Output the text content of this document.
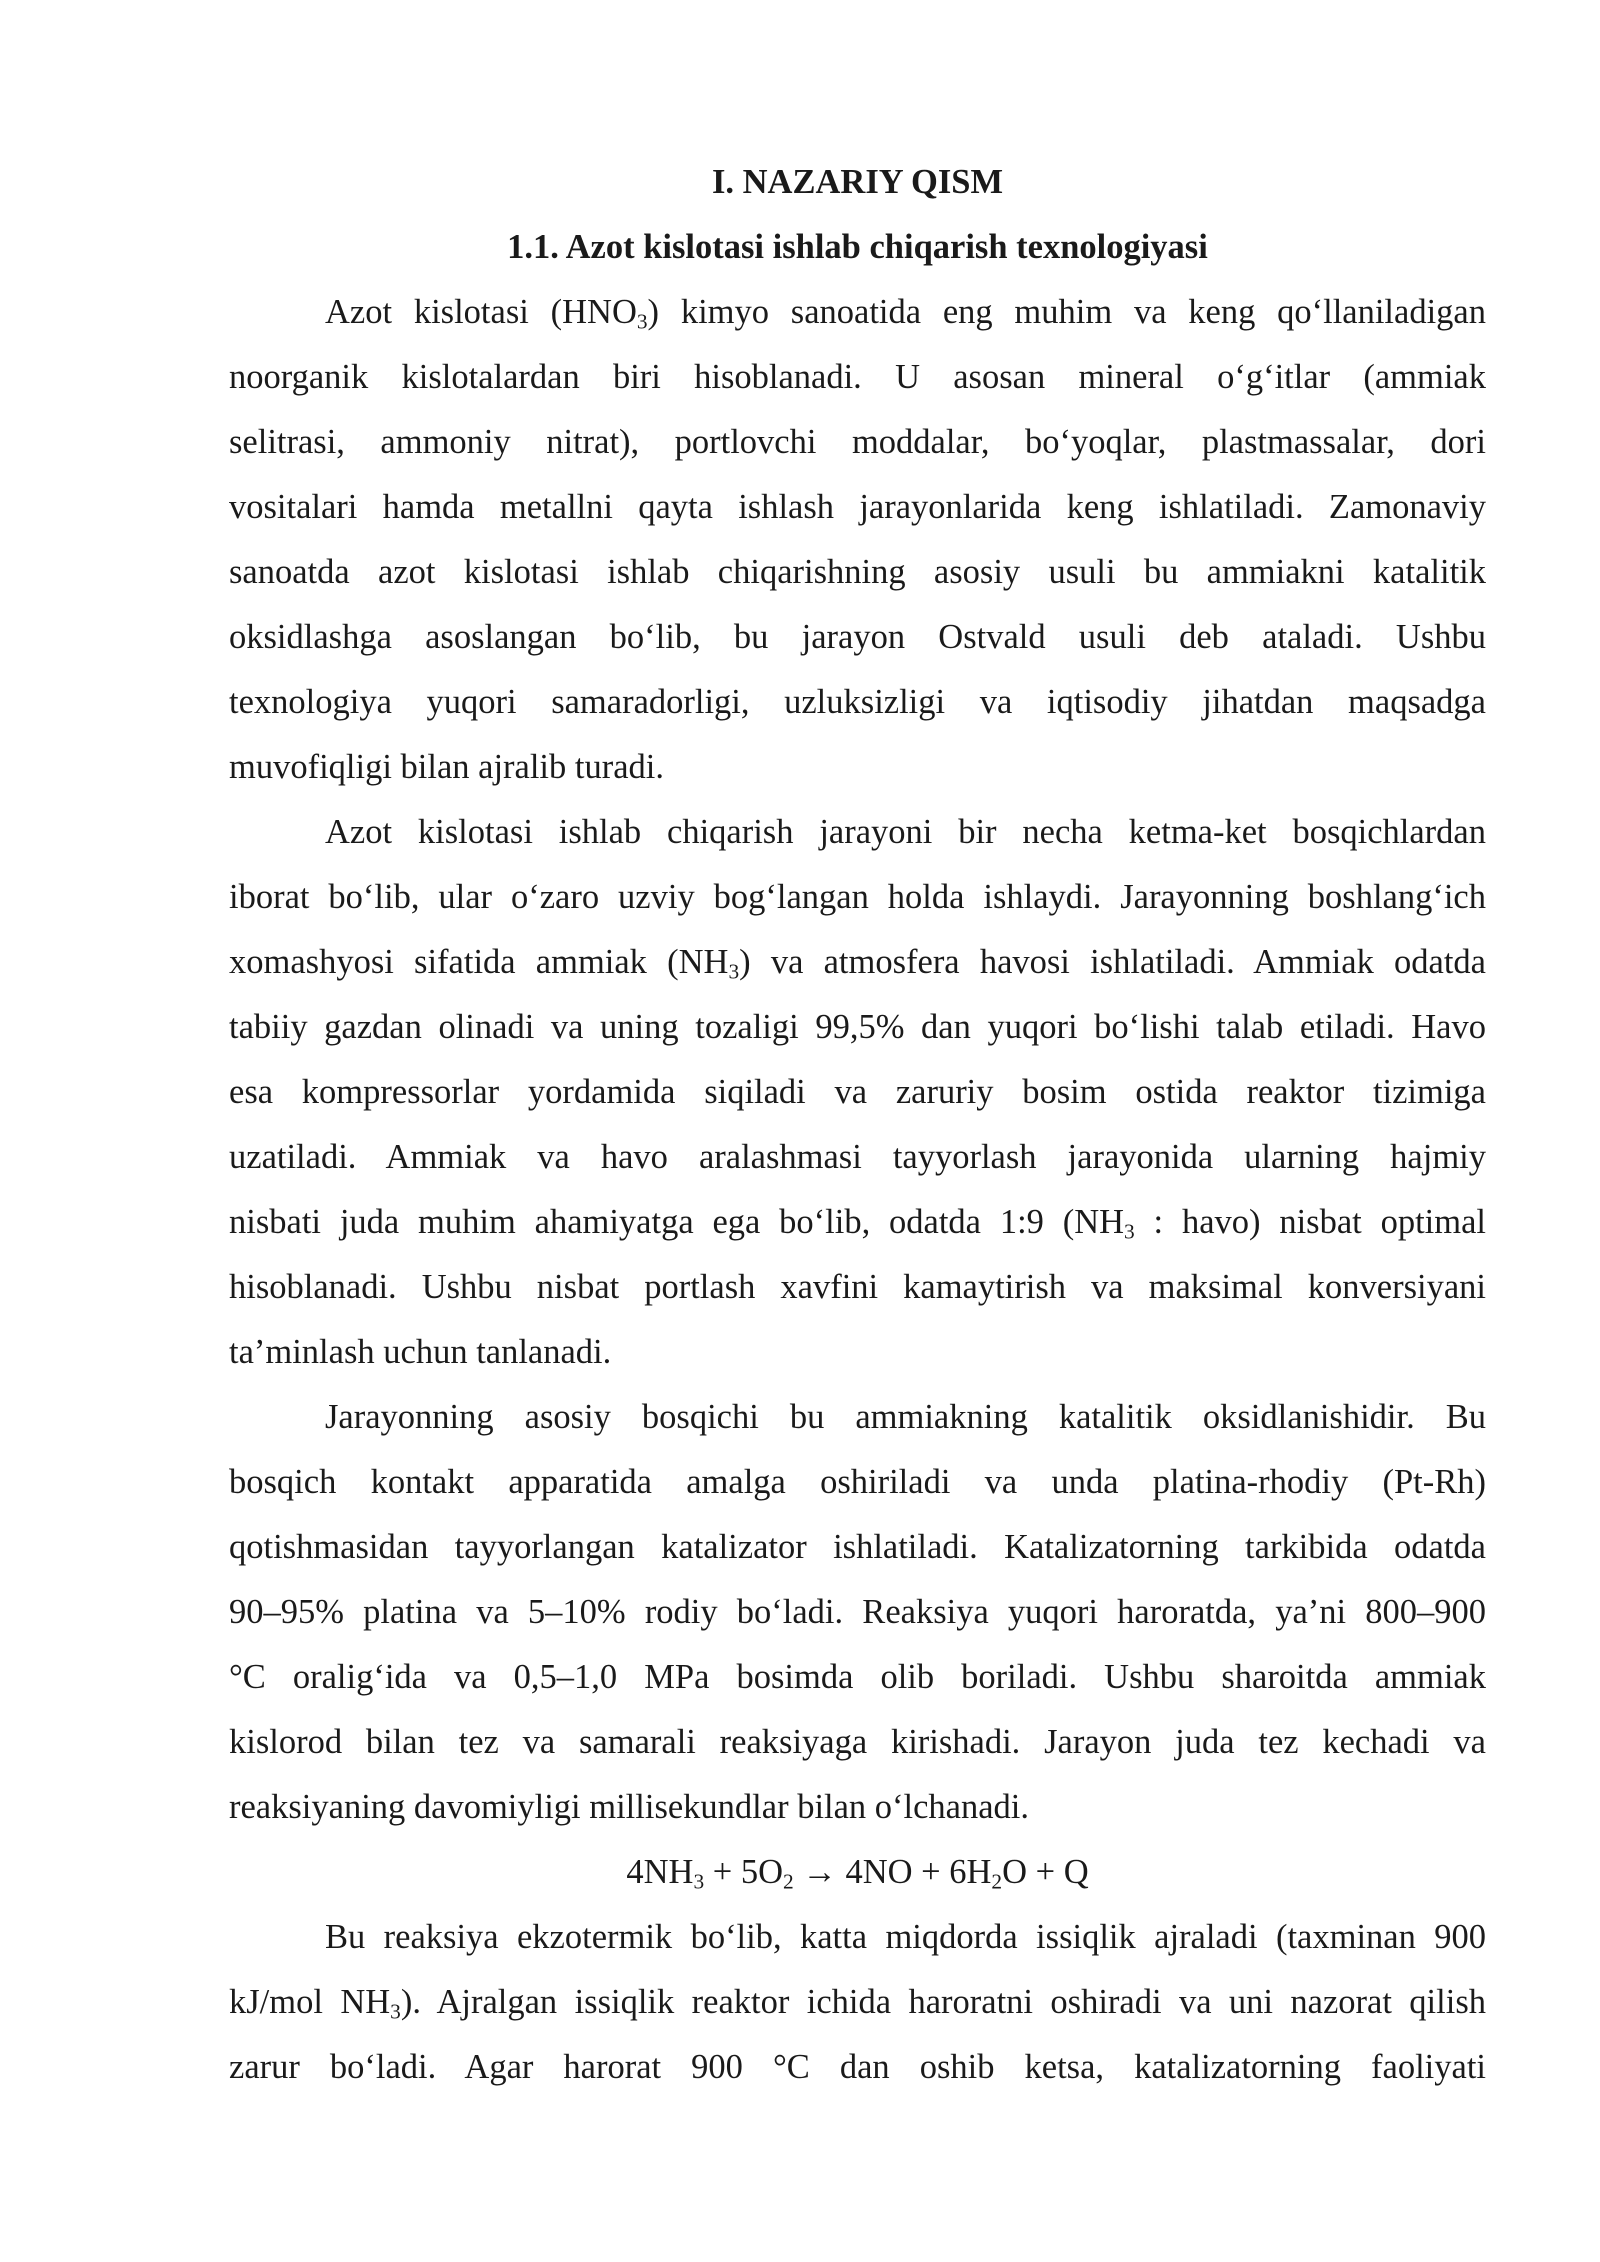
I. NAZARIY QISM
1.1. Azot kislotasi ishlab chiqarish texnologiyasi
Azot kislotasi $(HNO_3)$ kimyo sanoatida eng muhim va keng qo‘llaniladigan
noorganik kislotalardan biri hisoblanadi. U asosan mineral o‘g‘itlar (ammiak
selitrasi, ammoniy nitrat), portlovchi moddalar, bo‘yoqlar, plastmassalar, dori
vositalari hamda metallni qayta ishlash jarayonlarida keng ishlatiladi. Zamonaviy
sanoatda azot kislotasi ishlab chiqarishning asosiy usuli bu ammiakni katalitik
oksidlashga asoslangan bo‘lib, bu jarayon Ostvald usuli deb ataladi. Ushbu
texnologiya yuqori samaradorligi, uzluksizligi va iqtisodiy jihatdan maqsadga
muvofiqligi bilan ajralib turadi.
Azot kislotasi ishlab chiqarish jarayoni bir necha ketma-ket bosqichlardan
iborat bo‘lib, ular o‘zaro uzviy bog‘langan holda ishlaydi. Jarayonning boshlang‘ich
xomashyosi sifatida ammiak $(NH_3)$ va atmosfera havosi ishlatiladi. Ammiak odatda
tabiiy gazdan olinadi va uning tozaligi 99,5% dan yuqori bo‘lishi talab etiladi. Havo
esa kompressorlar yordamida siqiladi va zaruriy bosim ostida reaktor tizimiga
uzatiladi. Ammiak va havo aralashmasi tayyorlash jarayonida ularning hajmiy
nisbati juda muhim ahamiyatga ega bo‘lib, odatda 1:9 ($NH_3$ : havo) nisbat optimal
hisoblanadi. Ushbu nisbat portlash xavfini kamaytirish va maksimal konversiyani
ta’minlash uchun tanlanadi.
Jarayonning asosiy bosqichi bu ammiakning katalitik oksidlanishidir. Bu
bosqich kontakt apparatida amalga oshiriladi va unda platina-rhodiy (Pt-Rh)
qotishmasidan tayyorlangan katalizator ishlatiladi. Katalizatorning tarkibida odatda
90–95% platina va 5–10% rodiy bo‘ladi. Reaksiya yuqori haroratda, ya’ni 800–900
°C oralig‘ida va 0,5–1,0 MPa bosimda olib boriladi. Ushbu sharoitda ammiak
kislorod bilan tez va samarali reaksiyaga kirishadi. Jarayon juda tez kechadi va
reaksiyaning davomiyligi millisekundlar bilan o‘lchanadi.
$4NH_3 + 5O_2 \to 4NO + 6H_2O + Q$
Bu reaksiya ekzotermik bo‘lib, katta miqdorda issiqlik ajraladi (taxminan 900
kJ/mol $NH_3$). Ajralgan issiqlik reaktor ichida haroratni oshiradi va uni nazorat qilish
zarur bo‘ladi. Agar harorat 900 °C dan oshib ketsa, katalizatorning faoliyati
